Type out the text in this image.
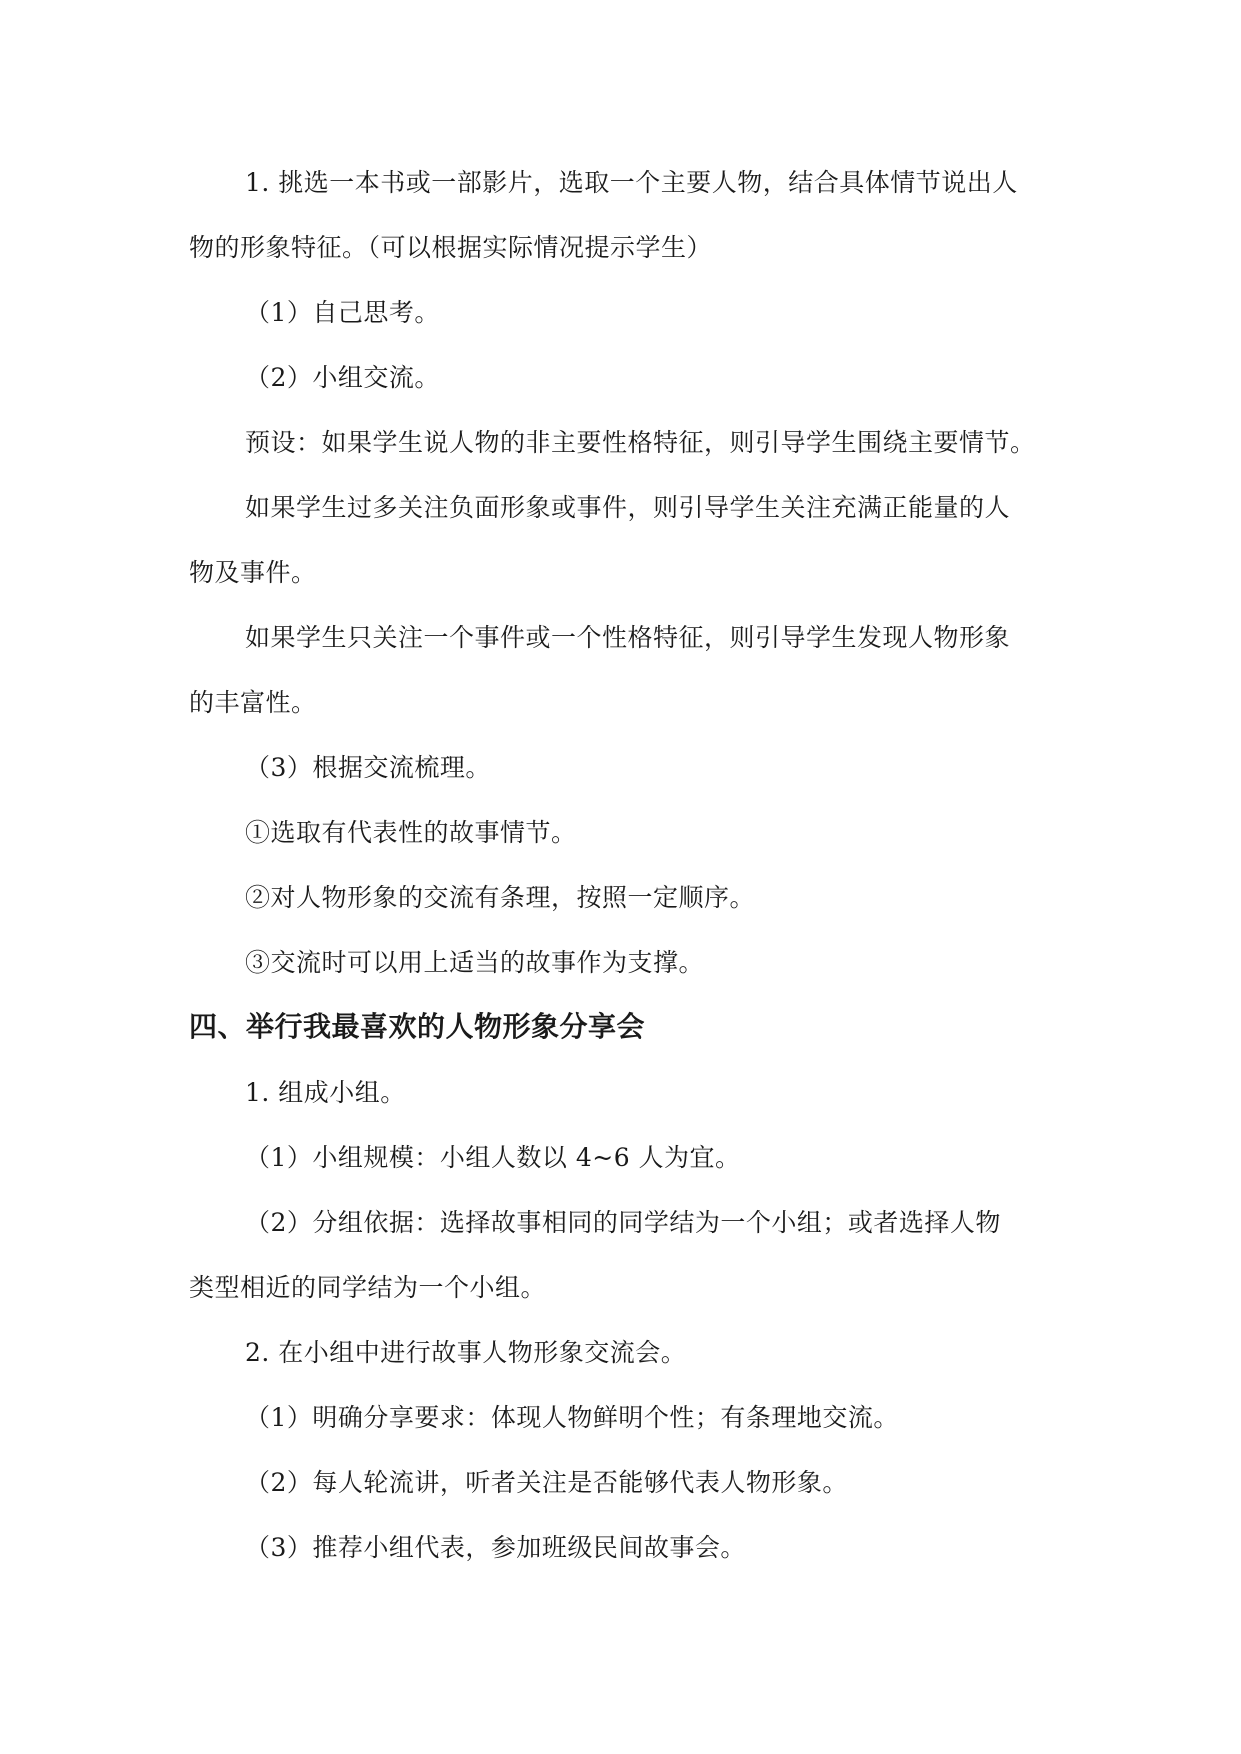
1. 挑选一本书或一部影片，选取一个主要人物，结合具体情节说出人
物的形象特征。（可以根据实际情况提示学生）
（1）自己思考。
（2）小组交流。
预设：如果学生说人物的非主要性格特征，则引导学生围绕主要情节。
如果学生过多关注负面形象或事件，则引导学生关注充满正能量的人
物及事件。
如果学生只关注一个事件或一个性格特征，则引导学生发现人物形象
的丰富性。
（3）根据交流梳理。
①选取有代表性的故事情节。
②对人物形象的交流有条理，按照一定顺序。
③交流时可以用上适当的故事作为支撑。
四、举行我最喜欢的人物形象分享会
1. 组成小组。
（1）小组规模：小组人数以 4~6 人为宜。
（2）分组依据：选择故事相同的同学结为一个小组；或者选择人物
类型相近的同学结为一个小组。
2. 在小组中进行故事人物形象交流会。
（1）明确分享要求：体现人物鲜明个性；有条理地交流。
（2）每人轮流讲，听者关注是否能够代表人物形象。
（3）推荐小组代表，参加班级民间故事会。
